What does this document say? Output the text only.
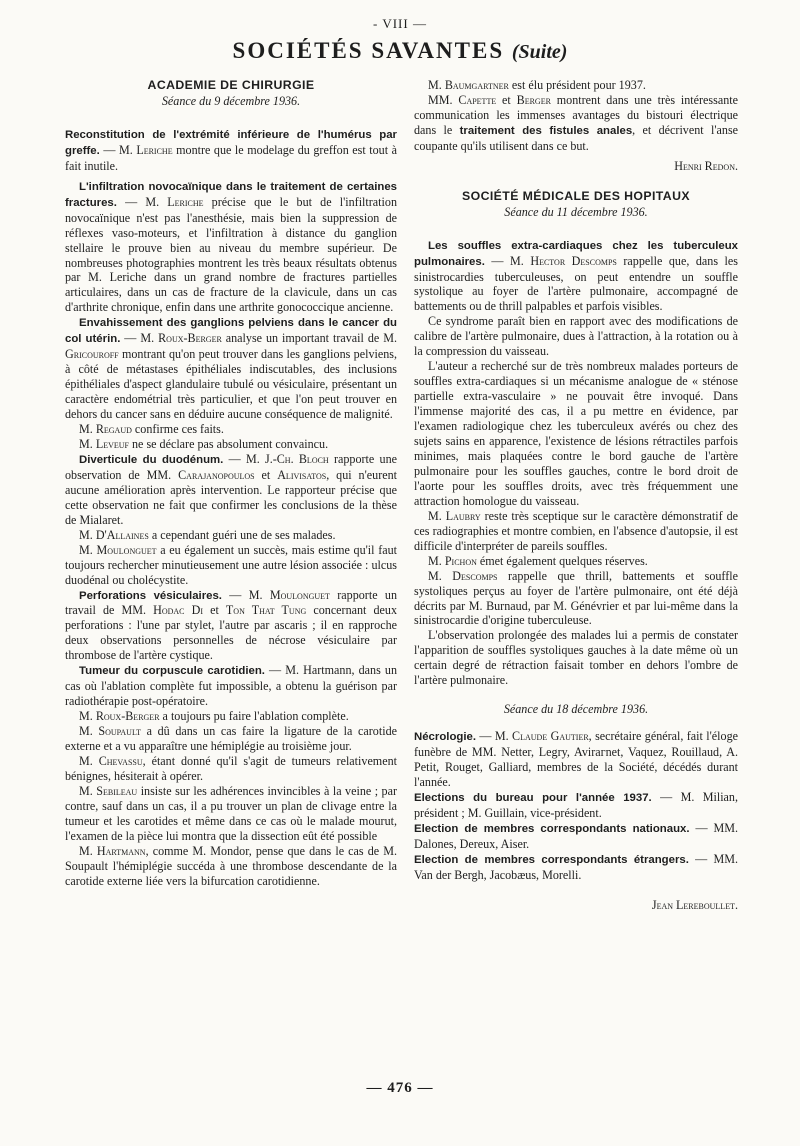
- VIII —
SOCIÉTÉS SAVANTES (Suite)
ACADEMIE DE CHIRURGIE
Séance du 9 décembre 1936.

Reconstitution de l'extrémité inférieure de l'humérus par greffe. — M. Leriche montre que le modelage du greffon est tout à fait inutile.

L'infiltration novocaïnique dans le traitement de certaines fractures. — M. Leriche précise que le but de l'infiltration novocaïnique n'est pas l'anesthésie, mais bien la suppression de réflexes vaso-moteurs, et l'infiltration à distance du ganglion stellaire le prouve bien au niveau du membre supérieur. De nombreuses photographies montrent les très beaux résultats obtenus par M. Leriche dans un grand nombre de fractures partielles articulaires, dans un cas de fracture de la clavicule, dans un cas d'arthrite chronique, enfin dans une arthrite gonococcique ancienne.

Envahissement des ganglions pelviens dans le cancer du col utérin. — M. Roux-Berger analyse un important travail de M. Gricouroff montrant qu'on peut trouver dans les ganglions pelviens, à côté de métastases épithéliales indiscutables, des inclusions épithéliales d'aspect glandulaire tubulé ou vésiculaire, présentant un caractère endométrial très particulier, et que l'on peut trouver en dehors du cancer sans en déduire aucune conséquence de malignité.

M. Regaud confirme ces faits.

M. Leveuf ne se déclare pas absolument convaincu.

Diverticule du duodénum. — M. J.-Ch. Bloch rapporte une observation de MM. Carajanopoulos et Alivisatos, qui n'eurent aucune amélioration après intervention. Le rapporteur précise que cette observation ne fait que confirmer les conclusions de la thèse de Mialaret.

M. D'Allaines a cependant guéri une de ses malades.

M. Moulonguet a eu également un succès, mais estime qu'il faut toujours rechercher minutieusement une autre lésion associée : ulcus duodénal ou cholécystite.

Perforations vésiculaires. — M. Moulonguet rapporte un travail de MM. Hodac Di et Ton That Tung concernant deux perforations : l'une par stylet, l'autre par ascaris ; il en rapproche deux observations personnelles de nécrose vésiculaire par thrombose de l'artère cystique.

Tumeur du corpuscule carotidien. — M. Hartmann, dans un cas où l'ablation complète fut impossible, a obtenu la guérison par radiothérapie post-opératoire.

M. Roux-Berger a toujours pu faire l'ablation complète.

M. Soupault a dû dans un cas faire la ligature de la carotide externe et a vu apparaître une hémiplégie au troisième jour.

M. Chevassu, étant donné qu'il s'agit de tumeurs relativement bénignes, hésiterait à opérer.

M. Sebileau insiste sur les adhérences invincibles à la veine ; par contre, sauf dans un cas, il a pu trouver un plan de clivage entre la tumeur et les carotides et même dans ce cas où le malade mourut, l'examen de la pièce lui montra que la dissection eût été possible

M. Hartmann, comme M. Mondor, pense que dans le cas de M. Soupault l'hémiplégie succéda à une thrombose descendante de la carotide externe liée vers la bifurcation carotidienne.

M. Baumgartner est élu président pour 1937.

MM. Capette et Berger montrent dans une très intéressante communication les immenses avantages du bistouri électrique dans le traitement des fistules anales, et décrivent l'anse coupante qu'ils utilisent dans ce but.

Henri Redon.

SOCIÉTÉ MÉDICALE DES HOPITAUX
Séance du 11 décembre 1936.

Les souffles extra-cardiaques chez les tuberculeux pulmonaires. — M. Hector Descomps rappelle que, dans les sinistrocardies tuberculeuses, on peut entendre un souffle systolique au foyer de l'artère pulmonaire, accompagné de battements ou de thrill palpables et parfois visibles.

Ce syndrome paraît bien en rapport avec des modifications de calibre de l'artère pulmonaire, dues à l'attraction, à la rotation ou à la compression du vaisseau.

L'auteur a recherché sur de très nombreux malades porteurs de souffles extra-cardiaques si un mécanisme analogue de « sténose partielle extra-vasculaire » ne pouvait être invoqué. Dans l'immense majorité des cas, il a pu mettre en évidence, par l'examen radiologique chez les tuberculeux avérés ou chez des sujets sains en apparence, l'existence de lésions rétractiles parfois minimes, mais plaquées contre le bord gauche de l'artère pulmonaire pour les souffles gauches, contre le bord droit de l'aorte pour les souffles droits, avec très fréquemment une attraction homologue du vaisseau.

M. Laubry reste très sceptique sur le caractère démonstratif de ces radiographies et montre combien, en l'absence d'autopsie, il est difficile d'interpréter de pareils souffles.

M. Pichon émet également quelques réserves.

M. Descomps rappelle que thrill, battements et souffle systoliques perçus au foyer de l'artère pulmonaire, ont été déjà décrits par M. Burnaud, par M. Génévrier et par lui-même dans la sinistrocardie d'origine tuberculeuse.

L'observation prolongée des malades lui a permis de constater l'apparition de souffles systoliques gauches à la date même où un certain degré de rétraction faisait tomber en dehors l'ombre de l'artère pulmonaire.

Séance du 18 décembre 1936.

Nécrologie. — M. Claude Gautier, secrétaire général, fait l'éloge funèbre de MM. Netter, Legry, Avirагnet, Vaquez, Rouillaud, A. Petit, Rouget, Galliard, membres de la Société, décédés durant l'année.

Elections du bureau pour l'année 1937. — M. Milian, président ; M. Guillain, vice-président.

Election de membres correspondants nationaux. — MM. Dalones, Dereux, Aiser.

Election de membres correspondants étrangers. — MM. Van der Bergh, Jacobæus, Morelli.

Jean Lereboullet.

— 476 —
